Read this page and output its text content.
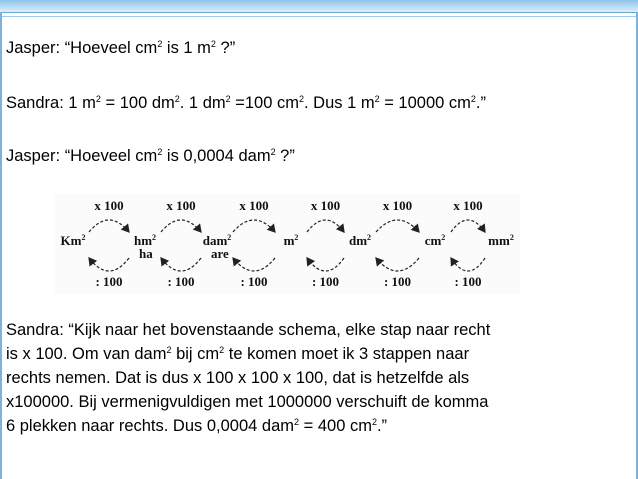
Jasper: “Hoeveel $cm^2$ is 1 $m^2$ ?”

Sandra: 1 $m^2 = 100$ $dm^2$. 1 $dm^2 =100$ $cm^2$. Dus 1 $m^2 = 10000$ $cm^2$.”

Jasper: “Hoeveel $cm^2$ is 0,0004 dam$^2$ ?”

Km$^2$	$hm^2$
ha
dam$^2$
are
$m^2$	$dm^2$	$cm^2$	$mm^2$
x 100
: 100
x 100
: 100
x 100
: 100
x 100
: 100
x 100
: 100
x 100
: 100

Sandra: “Kijk naar het bovenstaande schema, elke stap naar recht
is x 100. Om van dam$^2$ bij $cm^2$ te komen moet ik 3 stappen naar
rechts nemen. Dat is dus x 100 x 100 x 100, dat is hetzelfde als
x100000. Bij vermenigvuldigen met 1000000 verschuift de komma
6 plekken naar rechts. Dus 0,0004 dam$^2$ = 400 $cm^2$.”
